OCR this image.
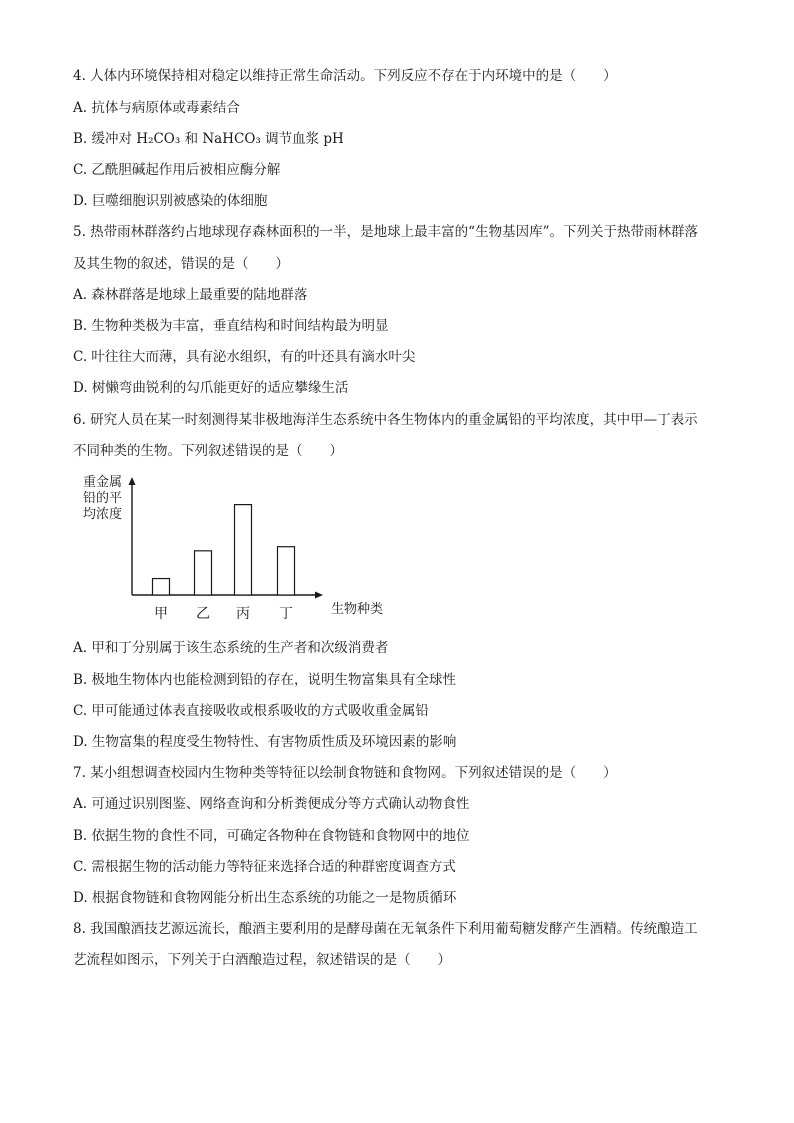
4. 人体内环境保持相对稳定以维持正常生命活动。下列反应不存在于内环境中的是（　　）
A. 抗体与病原体或毒素结合
B. 缓冲对 H₂CO₃ 和 NaHCO₃ 调节血浆 pH
C. 乙酰胆碱起作用后被相应酶分解
D. 巨噬细胞识别被感染的体细胞
5. 热带雨林群落约占地球现存森林面积的一半，是地球上最丰富的“生物基因库”。下列关于热带雨林群落
及其生物的叙述，错误的是（　　）
A. 森林群落是地球上最重要的陆地群落
B. 生物种类极为丰富，垂直结构和时间结构最为明显
C. 叶往往大而薄，具有泌水组织，有的叶还具有滴水叶尖
D. 树懒弯曲锐利的勾爪能更好的适应攀缘生活
6. 研究人员在某一时刻测得某非极地海洋生态系统中各生物体内的重金属铅的平均浓度，其中甲—丁表示
不同种类的生物。下列叙述错误的是（　　）
重金属
铅的平
均浓度
生物种类
甲	乙	丙	丁
A. 甲和丁分别属于该生态系统的生产者和次级消费者
B. 极地生物体内也能检测到铅的存在，说明生物富集具有全球性
C. 甲可能通过体表直接吸收或根系吸收的方式吸收重金属铅
D. 生物富集的程度受生物特性、有害物质性质及环境因素的影响
7. 某小组想调查校园内生物种类等特征以绘制食物链和食物网。下列叙述错误的是（　　）
A. 可通过识别图鉴、网络查询和分析粪便成分等方式确认动物食性
B. 依据生物的食性不同，可确定各物种在食物链和食物网中的地位
C. 需根据生物的活动能力等特征来选择合适的种群密度调查方式
D. 根据食物链和食物网能分析出生态系统的功能之一是物质循环
8. 我国酿酒技艺源远流长，酿酒主要利用的是酵母菌在无氧条件下利用葡萄糖发酵产生酒精。传统酿造工
艺流程如图示，下列关于白酒酿造过程，叙述错误的是（　　）
